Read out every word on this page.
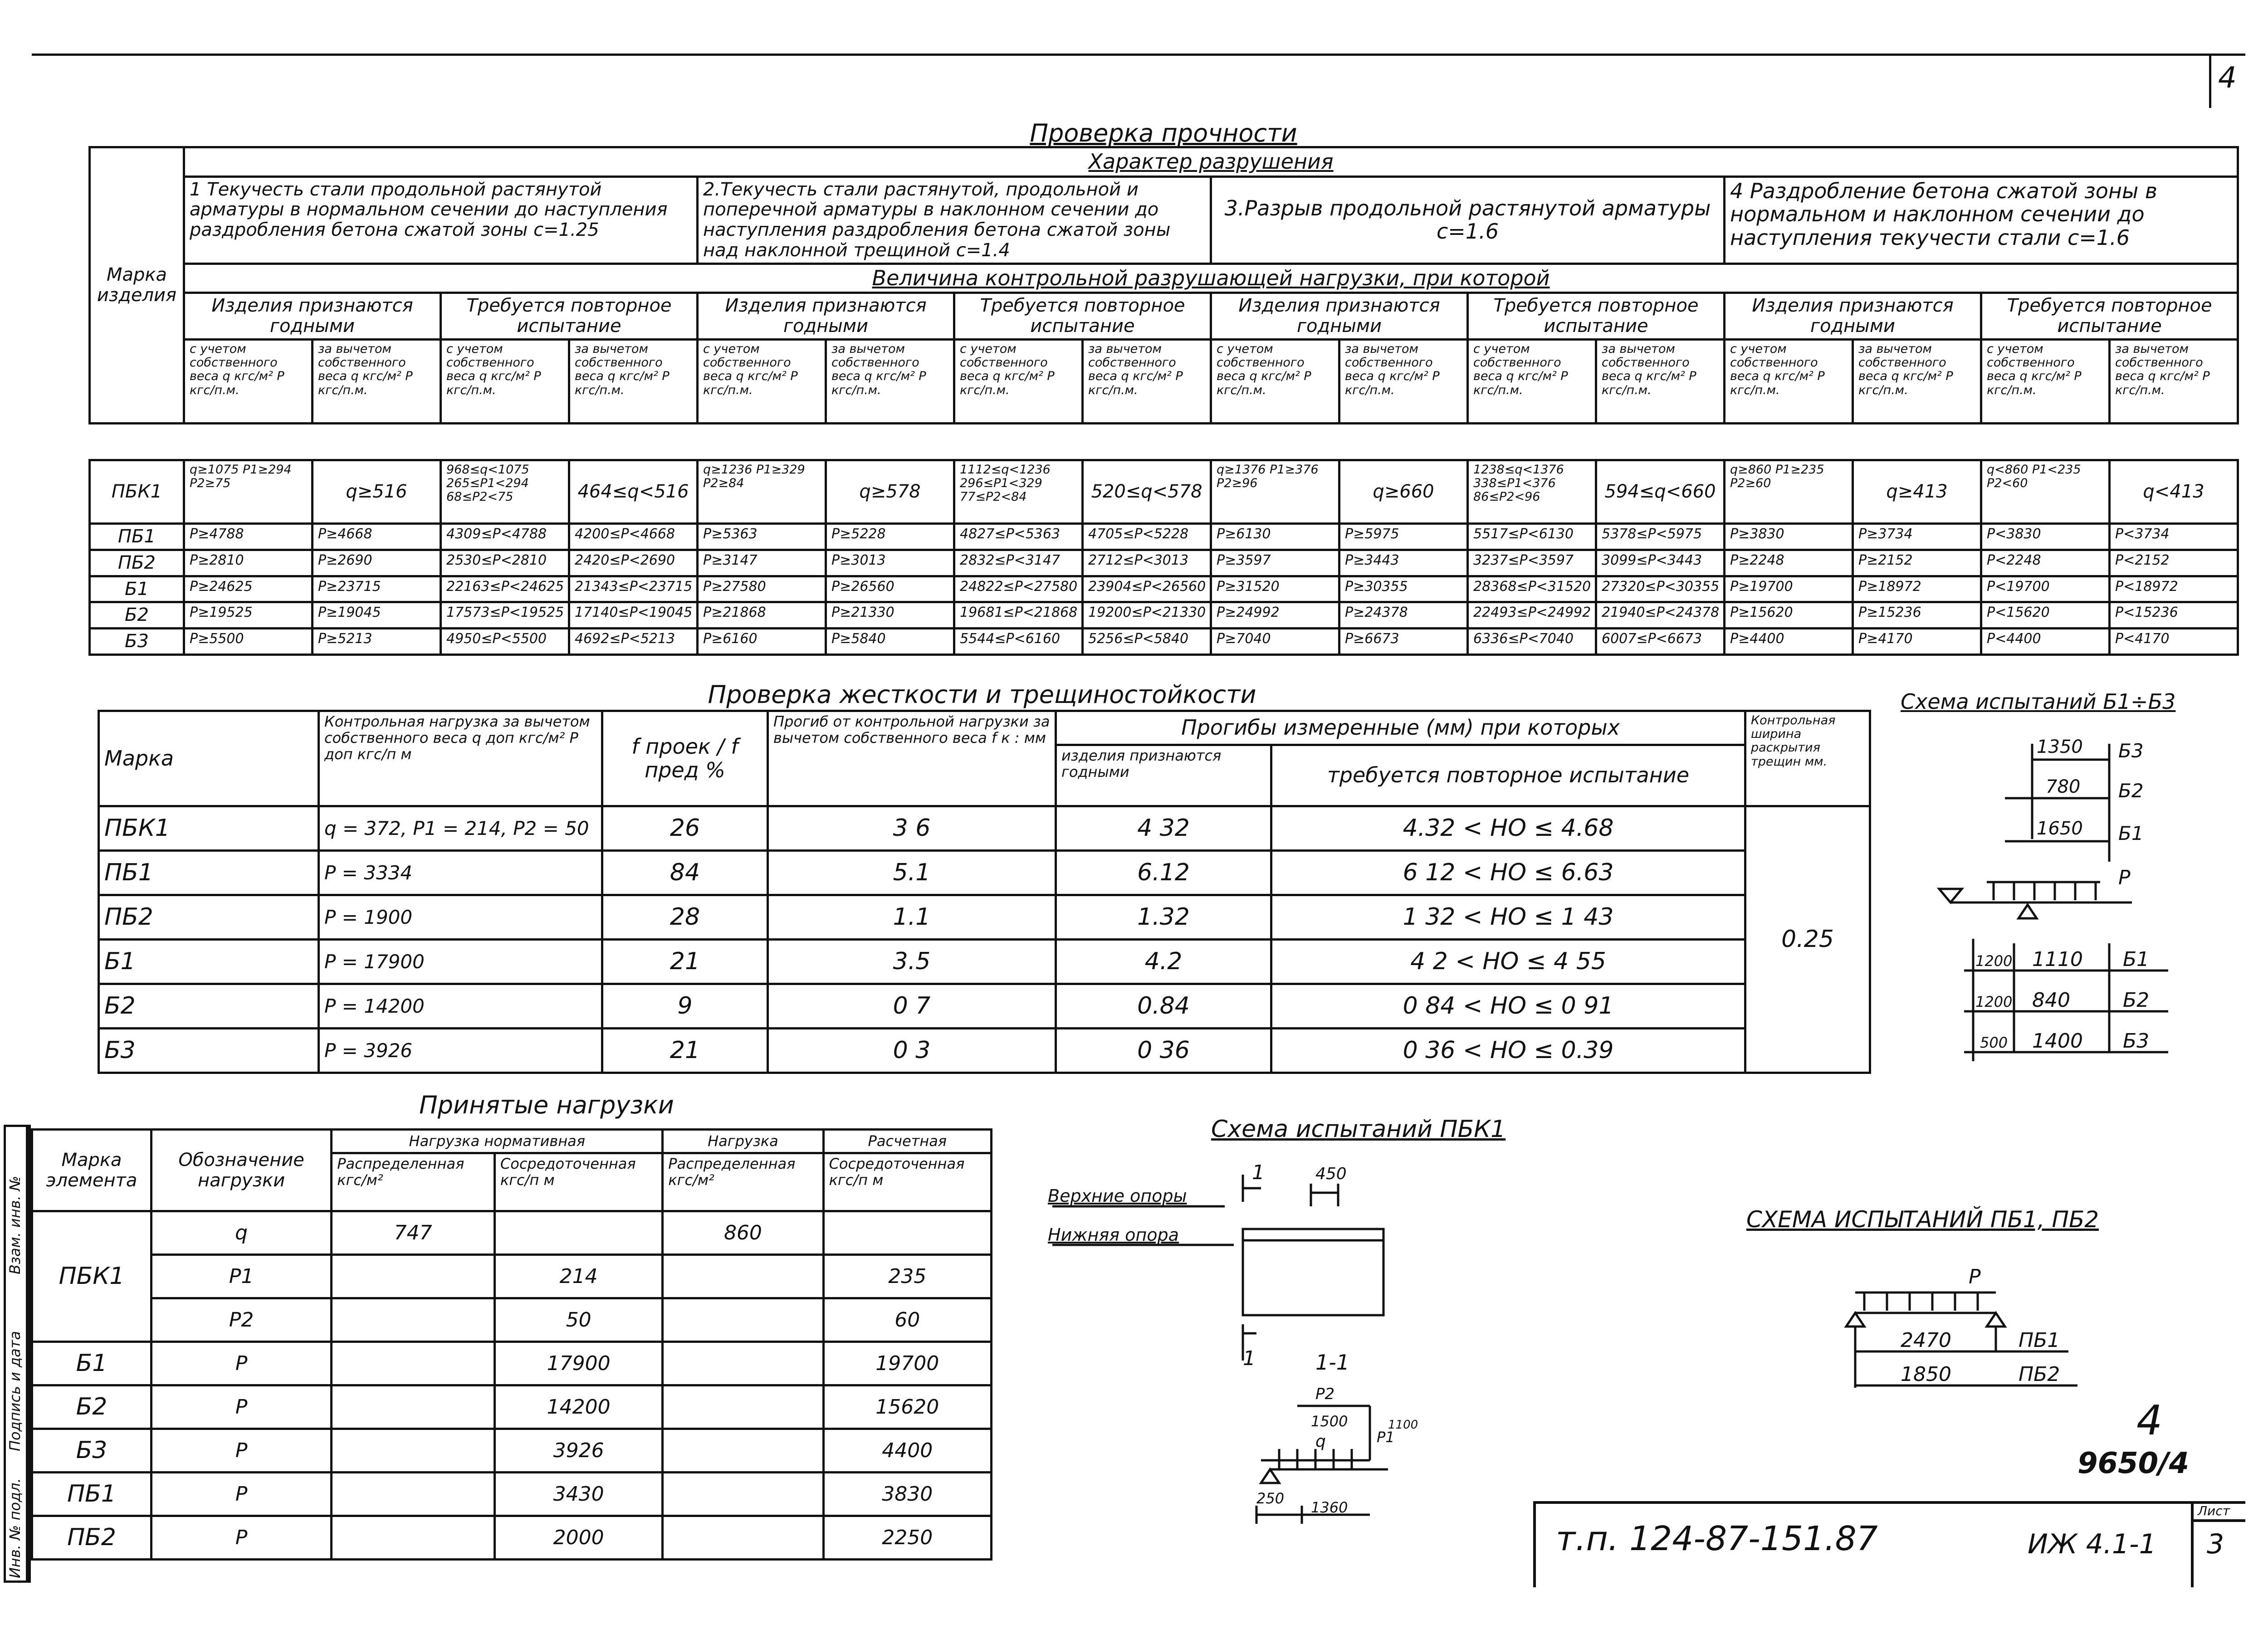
4
Проверка прочности
Марка изделия	Характер разрушения															
	1 Текучесть стали продольной растянутой арматуры в нормальном сечении до наступления раздробления бетона сжатой зоны c=1.25				2.Текучесть стали растянутой, продольной и поперечной арматуры в наклонном сечении до наступления раздробления бетона сжатой зоны над наклонной трещиной c=1.4				3.Разрыв продольной растянутой арматуры c=1.6				4 Раздробление бетона сжатой зоны в нормальном и наклонном сечении до наступления текучести стали c=1.6			
	Величина контрольной разрушающей нагрузки, при которой															
	Изделия признаются годными		Требуется повторное испытание		Изделия признаются годными		Требуется повторное испытание		Изделия признаются годными		Требуется повторное испытание		Изделия признаются годными		Требуется повторное испытание	
	с учетом собственного веса q кгс/м² P кгс/п.м.	за вычетом собственного веса q кгс/м² P кгс/п.м.	с учетом собственного веса q кгс/м² P кгс/п.м.	за вычетом собственного веса q кгс/м² P кгс/п.м.	с учетом собственного веса q кгс/м² P кгс/п.м.	за вычетом собственного веса q кгс/м² P кгс/п.м.	с учетом собственного веса q кгс/м² P кгс/п.м.	за вычетом собственного веса q кгс/м² P кгс/п.м.	с учетом собственного веса q кгс/м² P кгс/п.м.	за вычетом собственного веса q кгс/м² P кгс/п.м.	с учетом собственного веса q кгс/м² P кгс/п.м.	за вычетом собственного веса q кгс/м² P кгс/п.м.	с учетом собственного веса q кгс/м² P кгс/п.м.	за вычетом собственного веса q кгс/м² P кгс/п.м.	с учетом собственного веса q кгс/м² P кгс/п.м.	за вычетом собственного веса q кгс/м² P кгс/п.м.
ПБК1	q≥1075 P1≥294 P2≥75	q≥516	968≤q<1075 265≤P1<294 68≤P2<75	464≤q<516	q≥1236 P1≥329 P2≥84	q≥578	1112≤q<1236 296≤P1<329 77≤P2<84	520≤q<578	q≥1376 P1≥376 P2≥96	q≥660	1238≤q<1376 338≤P1<376 86≤P2<96	594≤q<660	q≥860 P1≥235 P2≥60	q≥413	q<860 P1<235 P2<60	q<413
ПБ1	P≥4788	P≥4668	4309≤P<4788	4200≤P<4668	P≥5363	P≥5228	4827≤P<5363	4705≤P<5228	P≥6130	P≥5975	5517≤P<6130	5378≤P<5975	P≥3830	P≥3734	P<3830	P<3734
ПБ2	P≥2810	P≥2690	2530≤P<2810	2420≤P<2690	P≥3147	P≥3013	2832≤P<3147	2712≤P<3013	P≥3597	P≥3443	3237≤P<3597	3099≤P<3443	P≥2248	P≥2152	P<2248	P<2152
Б1	P≥24625	P≥23715	22163≤P<24625	21343≤P<23715	P≥27580	P≥26560	24822≤P<27580	23904≤P<26560	P≥31520	P≥30355	28368≤P<31520	27320≤P<30355	P≥19700	P≥18972	P<19700	P<18972
Б2	P≥19525	P≥19045	17573≤P<19525	17140≤P<19045	P≥21868	P≥21330	19681≤P<21868	19200≤P<21330	P≥24992	P≥24378	22493≤P<24992	21940≤P<24378	P≥15620	P≥15236	P<15620	P<15236
Б3	P≥5500	P≥5213	4950≤P<5500	4692≤P<5213	P≥6160	P≥5840	5544≤P<6160	5256≤P<5840	P≥7040	P≥6673	6336≤P<7040	6007≤P<6673	P≥4400	P≥4170	P<4400	P<4170
Проверка жесткости и трещиностойкости
Марка	Контрольная нагрузка за вычетом собственного веса q доп кгс/м² P доп кгс/п м	f проек / f пред %	Прогиб от контрольной нагрузки за вычетом собственного веса f к : мм	Прогибы измеренные (мм) при которых		Контрольная ширина раскрытия трещин мм.
				изделия признаются годными	требуется повторное испытание	
ПБК1	q = 372, P1 = 214, P2 = 50	26	3 6	4 32	4.32 < HO ≤ 4.68	0.25
ПБ1	P = 3334	84	5.1	6.12	6 12 < HO ≤ 6.63	
ПБ2	P = 1900	28	1.1	1.32	1 32 < HO ≤ 1 43	
Б1	P = 17900	21	3.5	4.2	4 2 < HO ≤ 4 55	
Б2	P = 14200	9	0 7	0.84	0 84 < HO ≤ 0 91	
Б3	P = 3926	21	0 3	0 36	0 36 < HO ≤ 0.39	
Принятые нагрузки
Марка элемента	Обозначение нагрузки	Нагрузка нормативная		Нагрузка	Расчетная
		Распределенная кгс/м²	Сосредоточенная кгс/п м	Распределенная кгс/м²	Сосредоточенная кгс/п м
ПБК1	q	747		860	
	P1		214		235
	P2		50		60
Б1	P		17900		19700
Б2	P		14200		15620
Б3	P		3926		4400
ПБ1	P		3430		3830
ПБ2	P		2000		2250
Инв. № подл.
Подпись и дата
Взам. инв. №
Схема испытаний Б1÷Б3
1350 Б3
780 Б2
1650 Б1
P
1200 1110 Б1
1200 840	Б2
500 1400 Б3
Схема испытаний ПБК1
Верхние опоры
Нижняя опора
1	450
1	1-1
P2
1500
q	P1
1100
250
1360
СХЕМА ИСПЫТАНИЙ ПБ1, ПБ2
P
2470	ПБ1
1850	ПБ2
4
9650/4
т.п. 124-87-151.87	ИЖ 4.1-1
Лист
3
